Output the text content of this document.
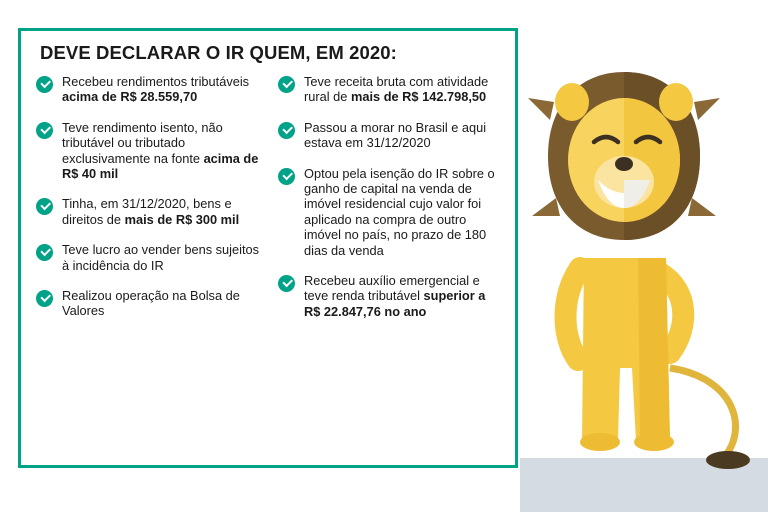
DEVE DECLARAR O IR QUEM, EM 2020:
Recebeu rendimentos tributáveis acima de R$ 28.559,70
Teve rendimento isento, não tributável ou tributado exclusivamente na fonte acima de R$ 40 mil
Tinha, em 31/12/2020, bens e direitos de mais de R$ 300 mil
Teve lucro ao vender bens sujeitos à incidência do IR
Realizou operação na Bolsa de Valores
Teve receita bruta com atividade rural de mais de R$ 142.798,50
Passou a morar no Brasil e aqui estava em 31/12/2020
Optou pela isenção do IR sobre o ganho de capital na venda de imóvel residencial cujo valor foi aplicado na compra de outro imóvel no país, no prazo de 180 dias da venda
Recebeu auxílio emergencial e teve renda tributável superior a R$ 22.847,76 no ano
